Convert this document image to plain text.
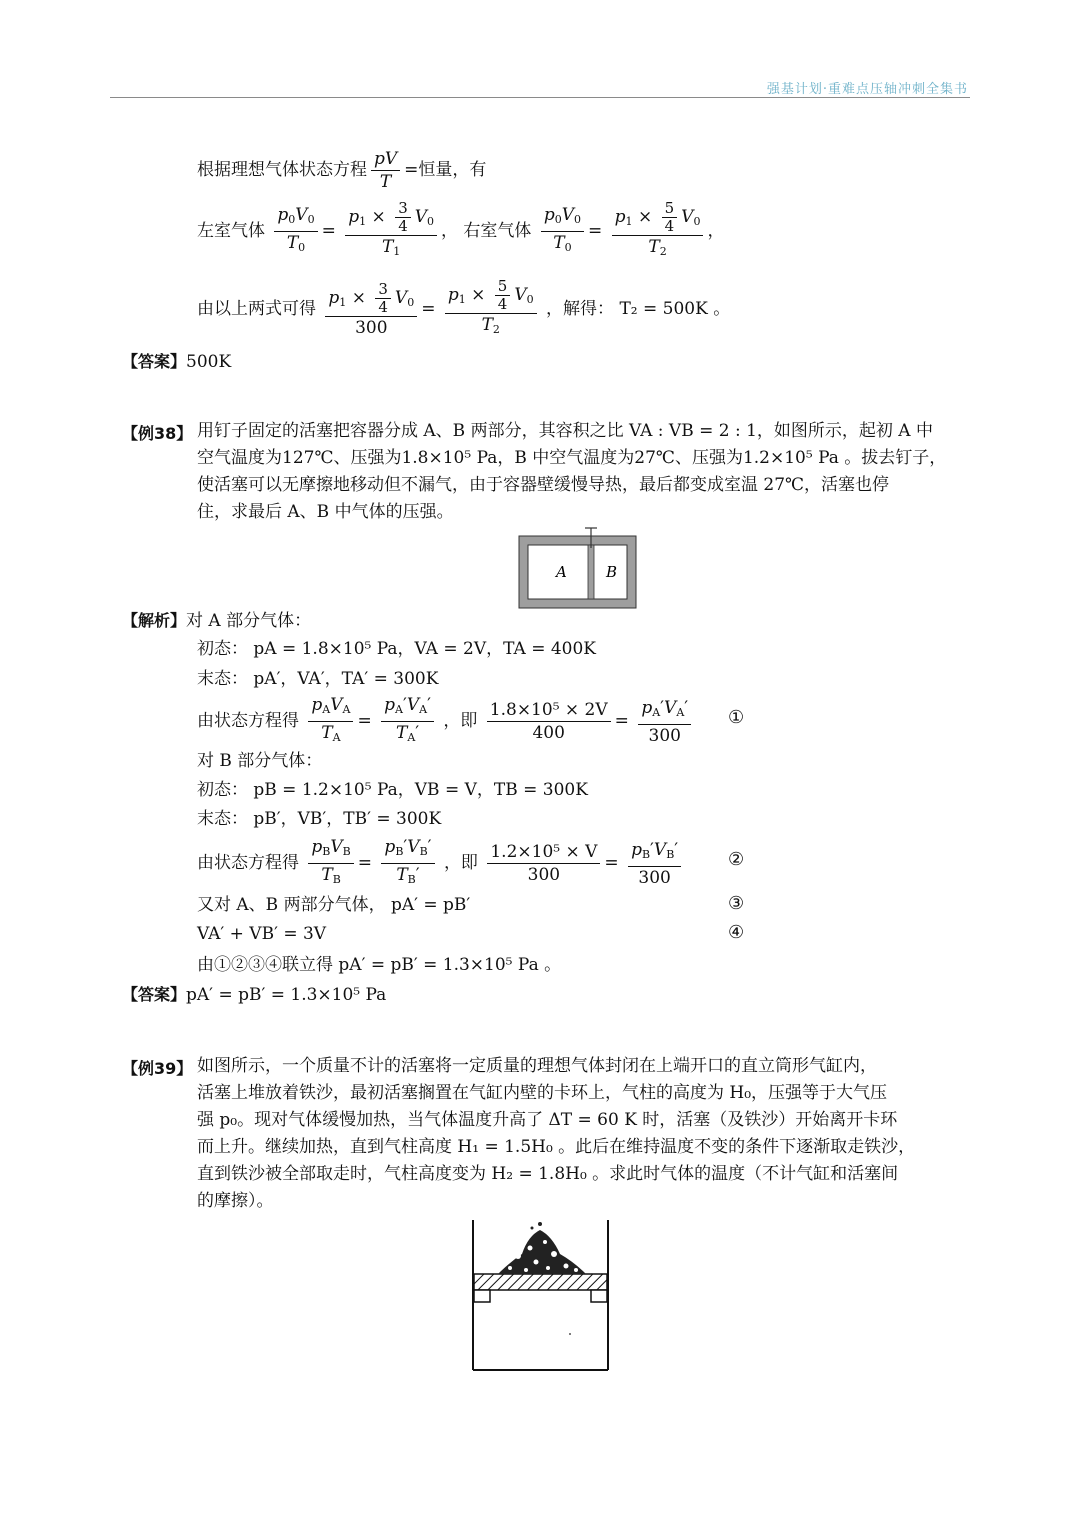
强基计划·重难点压轴冲刺全集书
根据理想气体状态方程 $\frac{pV}{T}$ =恒量，有
左室气体 $\frac{p_0V_0}{T_0} = \frac{p_1 \times \frac{3}{4} V_0}{T_1}$ ， 右室气体 $\frac{p_0V_0}{T_0} = \frac{p_1 \times \frac{5}{4} V_0}{T_2}$ ，
由以上两式可得 $\frac{p_1 \times \frac{3}{4} V_0}{300} = \frac{p_1 \times \frac{5}{4} V_0}{T_2}$ ，解得： T₂ = 500K 。
【答案】500K
【例38】 用钉子固定的活塞把容器分成 A、B 两部分，其容积之比 VA : VB = 2 : 1，如图所示，起初 A 中
空气温度为127℃、压强为1.8×10⁵ Pa，B 中空气温度为27℃、压强为1.2×10⁵ Pa 。拔去钉子，
使活塞可以无摩擦地移动但不漏气，由于容器壁缓慢导热，最后都变成室温 27℃，活塞也停
住，求最后 A、B 中气体的压强。
A	B
【解析】对 A 部分气体：
初态： pA = 1.8×10⁵ Pa，VA = 2V，TA = 400K
末态： pA′，VA′，TA′ = 300K
由状态方程得 $\frac{p_AV_A}{T_A} = \frac{p_A'V_A'}{T_A'}$ ，即 $\frac{\text{1.8×10⁵ × 2V}}{400} = \frac{p_A'V_A'}{300}$ ①
对 B 部分气体：
初态： pB = 1.2×10⁵ Pa，VB = V，TB = 300K
末态： pB′，VB′，TB′ = 300K
由状态方程得 $\frac{p_BV_B}{T_B} = \frac{p_B'V_B'}{T_B'}$ ，即 $\frac{\text{1.2×10⁵ × V}}{300} = \frac{p_B'V_B'}{300}$	②
又对 A、B 两部分气体， pA′ = pB′	③
VA′ + VB′ = 3V	④
由①②③④联立得 pA′ = pB′ = 1.3×10⁵ Pa 。
【答案】pA′ = pB′ = 1.3×10⁵ Pa
【例39】 如图所示，一个质量不计的活塞将一定质量的理想气体封闭在上端开口的直立筒形气缸内，
活塞上堆放着铁沙，最初活塞搁置在气缸内壁的卡环上，气柱的高度为 H₀，压强等于大气压
强 p₀。现对气体缓慢加热，当气体温度升高了 ΔT = 60 K 时，活塞（及铁沙）开始离开卡环
而上升。继续加热，直到气柱高度 H₁ = 1.5H₀ 。此后在维持温度不变的条件下逐渐取走铁沙，
直到铁沙被全部取走时，气柱高度变为 H₂ = 1.8H₀ 。求此时气体的温度（不计气缸和活塞间
的摩擦）。
